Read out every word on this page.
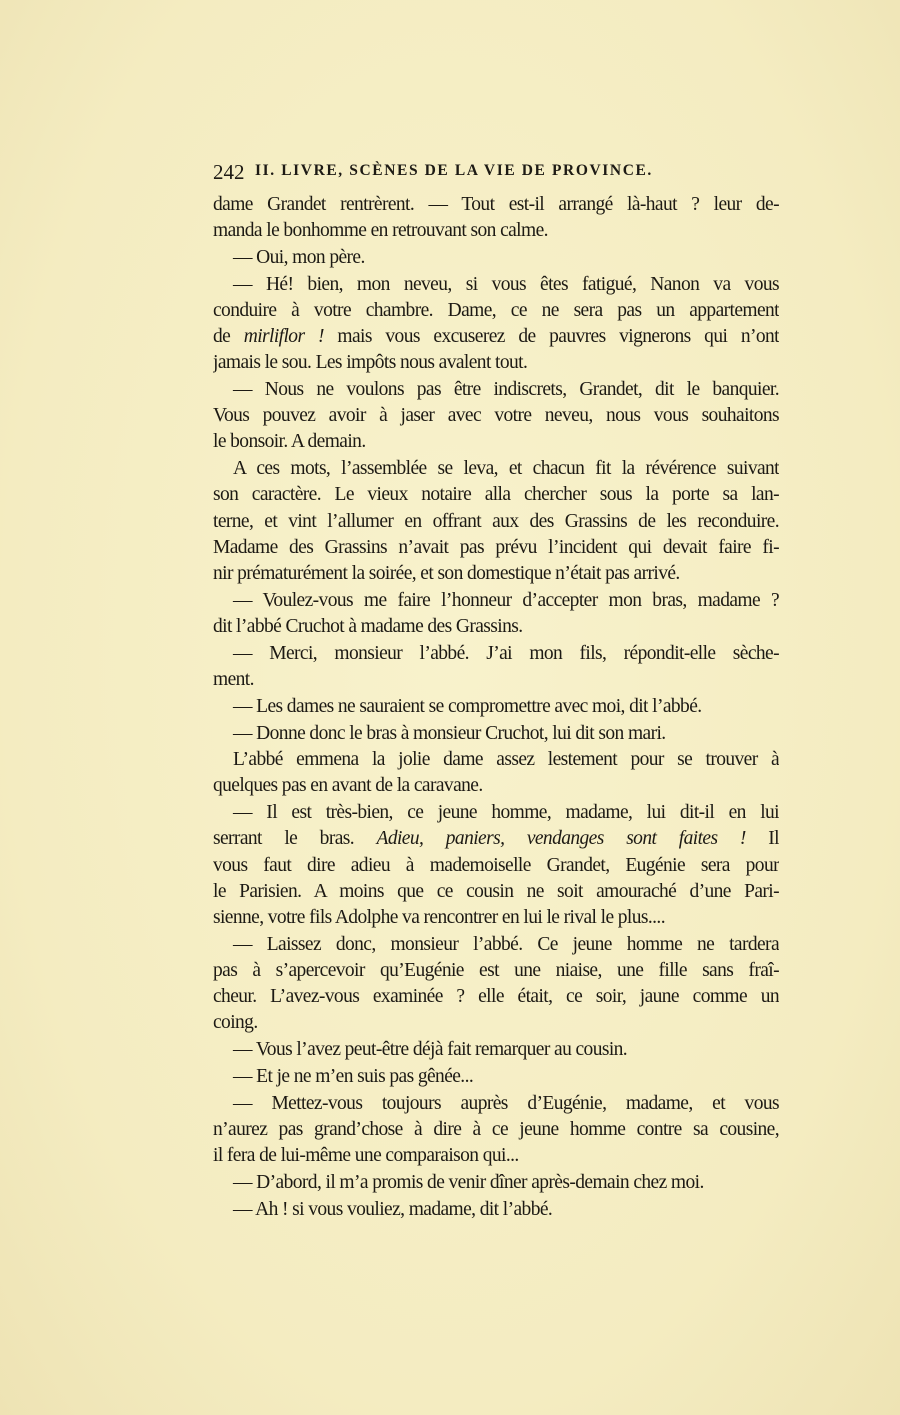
242 II. LIVRE, SCÈNES DE LA VIE DE PROVINCE.
dame Grandet rentrèrent. — Tout est-il arrangé là-haut ? leur de-
manda le bonhomme en retrouvant son calme.
— Oui, mon père.
— Hé! bien, mon neveu, si vous êtes fatigué, Nanon va vous
conduire à votre chambre. Dame, ce ne sera pas un appartement
de mirliflor ! mais vous excuserez de pauvres vignerons qui n’ont
jamais le sou. Les impôts nous avalent tout.
— Nous ne voulons pas être indiscrets, Grandet, dit le banquier.
Vous pouvez avoir à jaser avec votre neveu, nous vous souhaitons
le bonsoir. A demain.
A ces mots, l’assemblée se leva, et chacun fit la révérence suivant
son caractère. Le vieux notaire alla chercher sous la porte sa lan-
terne, et vint l’allumer en offrant aux des Grassins de les reconduire.
Madame des Grassins n’avait pas prévu l’incident qui devait faire fi-
nir prématurément la soirée, et son domestique n’était pas arrivé.
— Voulez-vous me faire l’honneur d’accepter mon bras, madame ?
dit l’abbé Cruchot à madame des Grassins.
— Merci, monsieur l’abbé. J’ai mon fils, répondit-elle sèche-
ment.
— Les dames ne sauraient se compromettre avec moi, dit l’abbé.
— Donne donc le bras à monsieur Cruchot, lui dit son mari.
L’abbé emmena la jolie dame assez lestement pour se trouver à
quelques pas en avant de la caravane.
— Il est très-bien, ce jeune homme, madame, lui dit-il en lui
serrant le bras. Adieu, paniers, vendanges sont faites ! Il
vous faut dire adieu à mademoiselle Grandet, Eugénie sera pour
le Parisien. A moins que ce cousin ne soit amouraché d’une Pari-
sienne, votre fils Adolphe va rencontrer en lui le rival le plus....
— Laissez donc, monsieur l’abbé. Ce jeune homme ne tardera
pas à s’apercevoir qu’Eugénie est une niaise, une fille sans fraî-
cheur. L’avez-vous examinée ? elle était, ce soir, jaune comme un
coing.
— Vous l’avez peut-être déjà fait remarquer au cousin.
— Et je ne m’en suis pas gênée...
— Mettez-vous toujours auprès d’Eugénie, madame, et vous
n’aurez pas grand’chose à dire à ce jeune homme contre sa cousine,
il fera de lui-même une comparaison qui...
— D’abord, il m’a promis de venir dîner après-demain chez moi.
— Ah ! si vous vouliez, madame, dit l’abbé.
